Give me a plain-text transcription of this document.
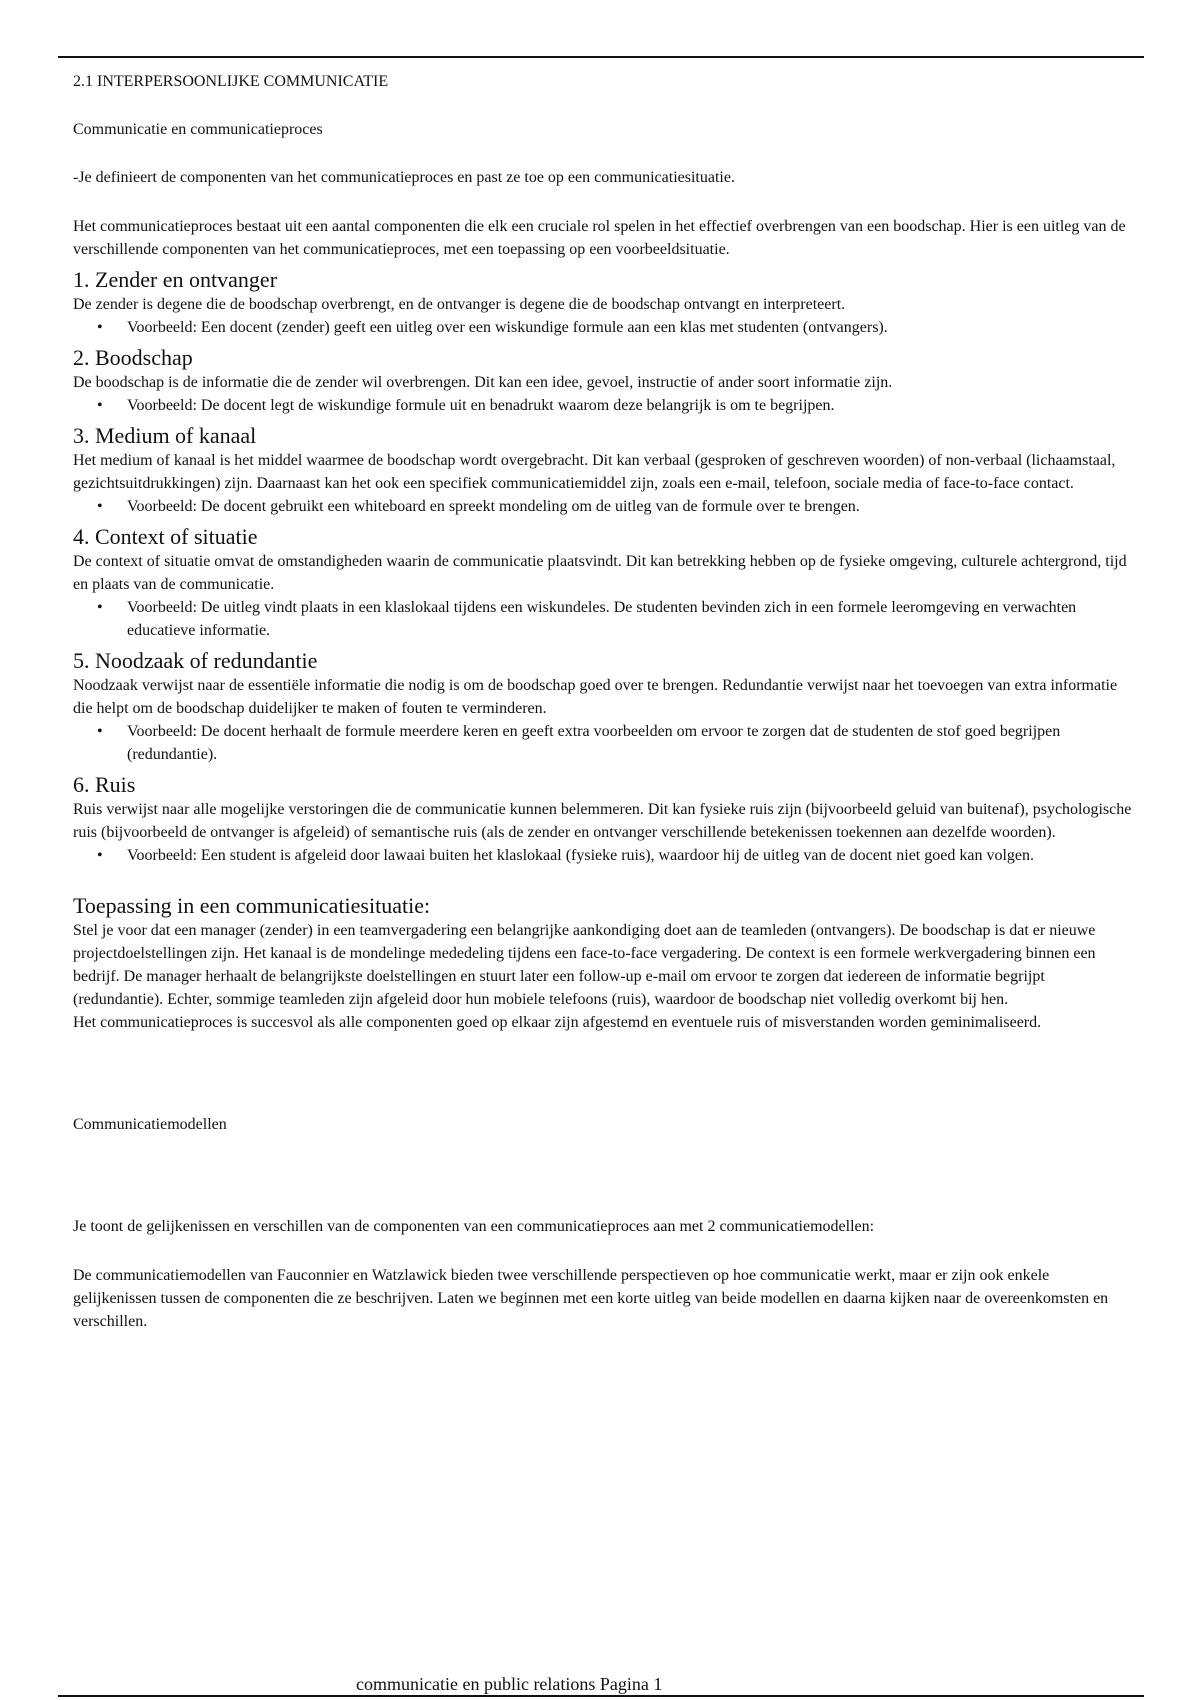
2.1 INTERPERSOONLIJKE COMMUNICATIE

Communicatie en communicatieproces

-Je definieert de componenten van het communicatieproces en past ze toe op een communicatiesituatie.

Het communicatieproces bestaat uit een aantal componenten die elk een cruciale rol spelen in het effectief overbrengen van een boodschap. Hier is een uitleg van de verschillende componenten van het communicatieproces, met een toepassing op een voorbeeldsituatie.

1. Zender en ontvanger

De zender is degene die de boodschap overbrengt, en de ontvanger is degene die de boodschap ontvangt en interpreteert.

• Voorbeeld: Een docent (zender) geeft een uitleg over een wiskundige formule aan een klas met studenten (ontvangers).
2. Boodschap

De boodschap is de informatie die de zender wil overbrengen. Dit kan een idee, gevoel, instructie of ander soort informatie zijn.

• Voorbeeld: De docent legt de wiskundige formule uit en benadrukt waarom deze belangrijk is om te begrijpen.
3. Medium of kanaal

Het medium of kanaal is het middel waarmee de boodschap wordt overgebracht. Dit kan verbaal (gesproken of geschreven woorden) of non-verbaal (lichaamstaal, gezichtsuitdrukkingen) zijn. Daarnaast kan het ook een specifiek communicatiemiddel zijn, zoals een e-mail, telefoon, sociale media of face-to-face contact.

• Voorbeeld: De docent gebruikt een whiteboard en spreekt mondeling om de uitleg van de formule over te brengen.
4. Context of situatie

De context of situatie omvat de omstandigheden waarin de communicatie plaatsvindt. Dit kan betrekking hebben op de fysieke omgeving, culturele achtergrond, tijd en plaats van de communicatie.

• Voorbeeld: De uitleg vindt plaats in een klaslokaal tijdens een wiskundeles. De studenten bevinden zich in een formele leeromgeving en verwachten educatieve informatie.
5. Noodzaak of redundantie

Noodzaak verwijst naar de essentiële informatie die nodig is om de boodschap goed over te brengen. Redundantie verwijst naar het toevoegen van extra informatie die helpt om de boodschap duidelijker te maken of fouten te verminderen.

• Voorbeeld: De docent herhaalt de formule meerdere keren en geeft extra voorbeelden om ervoor te zorgen dat de studenten de stof goed begrijpen (redundantie).
6. Ruis

Ruis verwijst naar alle mogelijke verstoringen die de communicatie kunnen belemmeren. Dit kan fysieke ruis zijn (bijvoorbeeld geluid van buitenaf), psychologische ruis (bijvoorbeeld de ontvanger is afgeleid) of semantische ruis (als de zender en ontvanger verschillende betekenissen toekennen aan dezelfde woorden).

• Voorbeeld: Een student is afgeleid door lawaai buiten het klaslokaal (fysieke ruis), waardoor hij de uitleg van de docent niet goed kan volgen.
Toepassing in een communicatiesituatie:

Stel je voor dat een manager (zender) in een teamvergadering een belangrijke aankondiging doet aan de teamleden (ontvangers). De boodschap is dat er nieuwe projectdoelstellingen zijn. Het kanaal is de mondelinge mededeling tijdens een face-to-face vergadering. De context is een formele werkvergadering binnen een bedrijf. De manager herhaalt de belangrijkste doelstellingen en stuurt later een follow-up e-mail om ervoor te zorgen dat iedereen de informatie begrijpt (redundantie). Echter, sommige teamleden zijn afgeleid door hun mobiele telefoons (ruis), waardoor de boodschap niet volledig overkomt bij hen.

Het communicatieproces is succesvol als alle componenten goed op elkaar zijn afgestemd en eventuele ruis of misverstanden worden geminimaliseerd.

Communicatiemodellen

Je toont de gelijkenissen en verschillen van de componenten van een communicatieproces aan met 2 communicatiemodellen:

De communicatiemodellen van Fauconnier en Watzlawick bieden twee verschillende perspectieven op hoe communicatie werkt, maar er zijn ook enkele gelijkenissen tussen de componenten die ze beschrijven. Laten we beginnen met een korte uitleg van beide modellen en daarna kijken naar de overeenkomsten en verschillen.

communicatie en public relations Pagina 1
